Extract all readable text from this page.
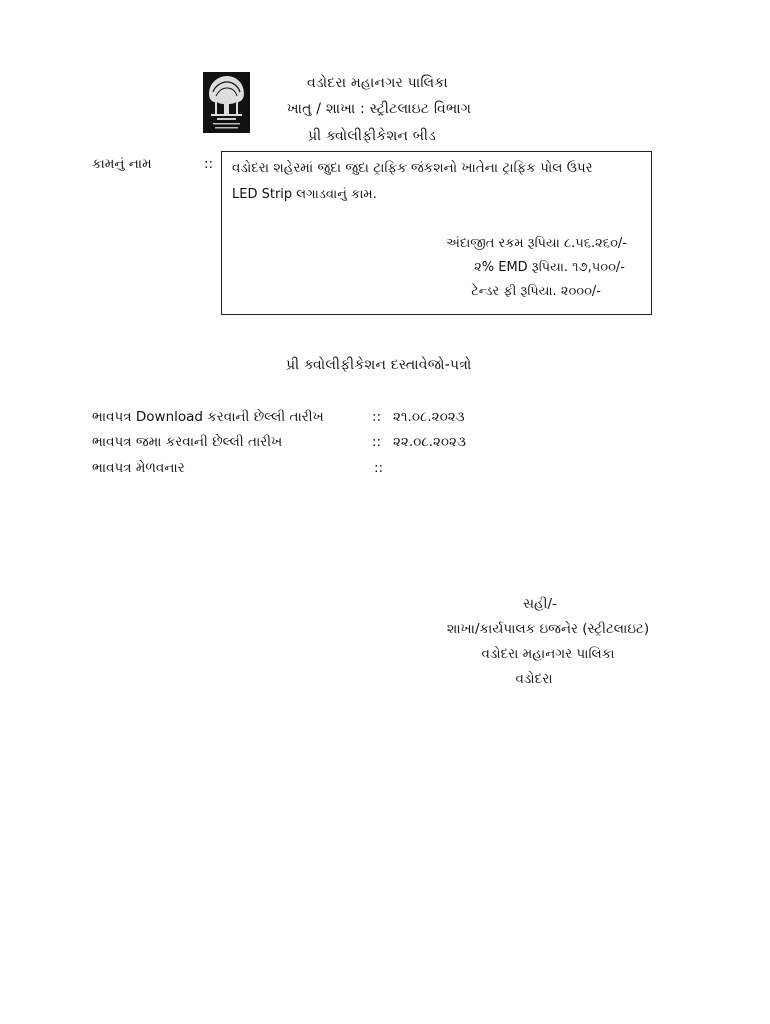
વડોદરા મહાનગર પાલિકા
ખાતુ / શાખા : સ્ટ્રીટલાઇટ વિભાગ
પ્રી ક્વોલીફીકેશન બીડ
કામનું નામ	:: વડોદરા શહેરમાં જુદા જુદા ટ્રાફિક જંકશનો ખાતેના ટ્રાફિક પોલ ઉપર
LED Strip લગાડવાનું કામ.
અંદાજીત રકમ રૂપિયા ૮.૫૬.૨૬૦/-
૨% EMD રૂપિયા. ૧૭,૫૦૦/-
ટેન્ડર ફી રૂપિયા. ૨૦૦૦/-
પ્રી ક્વોલીફીકેશન દસ્તાવેજો-પત્રો
ભાવપત્ર Download કરવાની છેલ્લી તારીખ	:: ૨૧.૦૮.૨૦૨૩
ભાવપત્ર જમા કરવાની છેલ્લી તારીખ	:: ૨૨.૦૮.૨૦૨૩
ભાવપત્ર મેળવનાર	::
સહી/-
શાખા/કાર્યપાલક ઇજનેર (સ્ટ્રીટલાઇટ)
વડોદરા મહાનગર પાલિકા
વડોદરા
